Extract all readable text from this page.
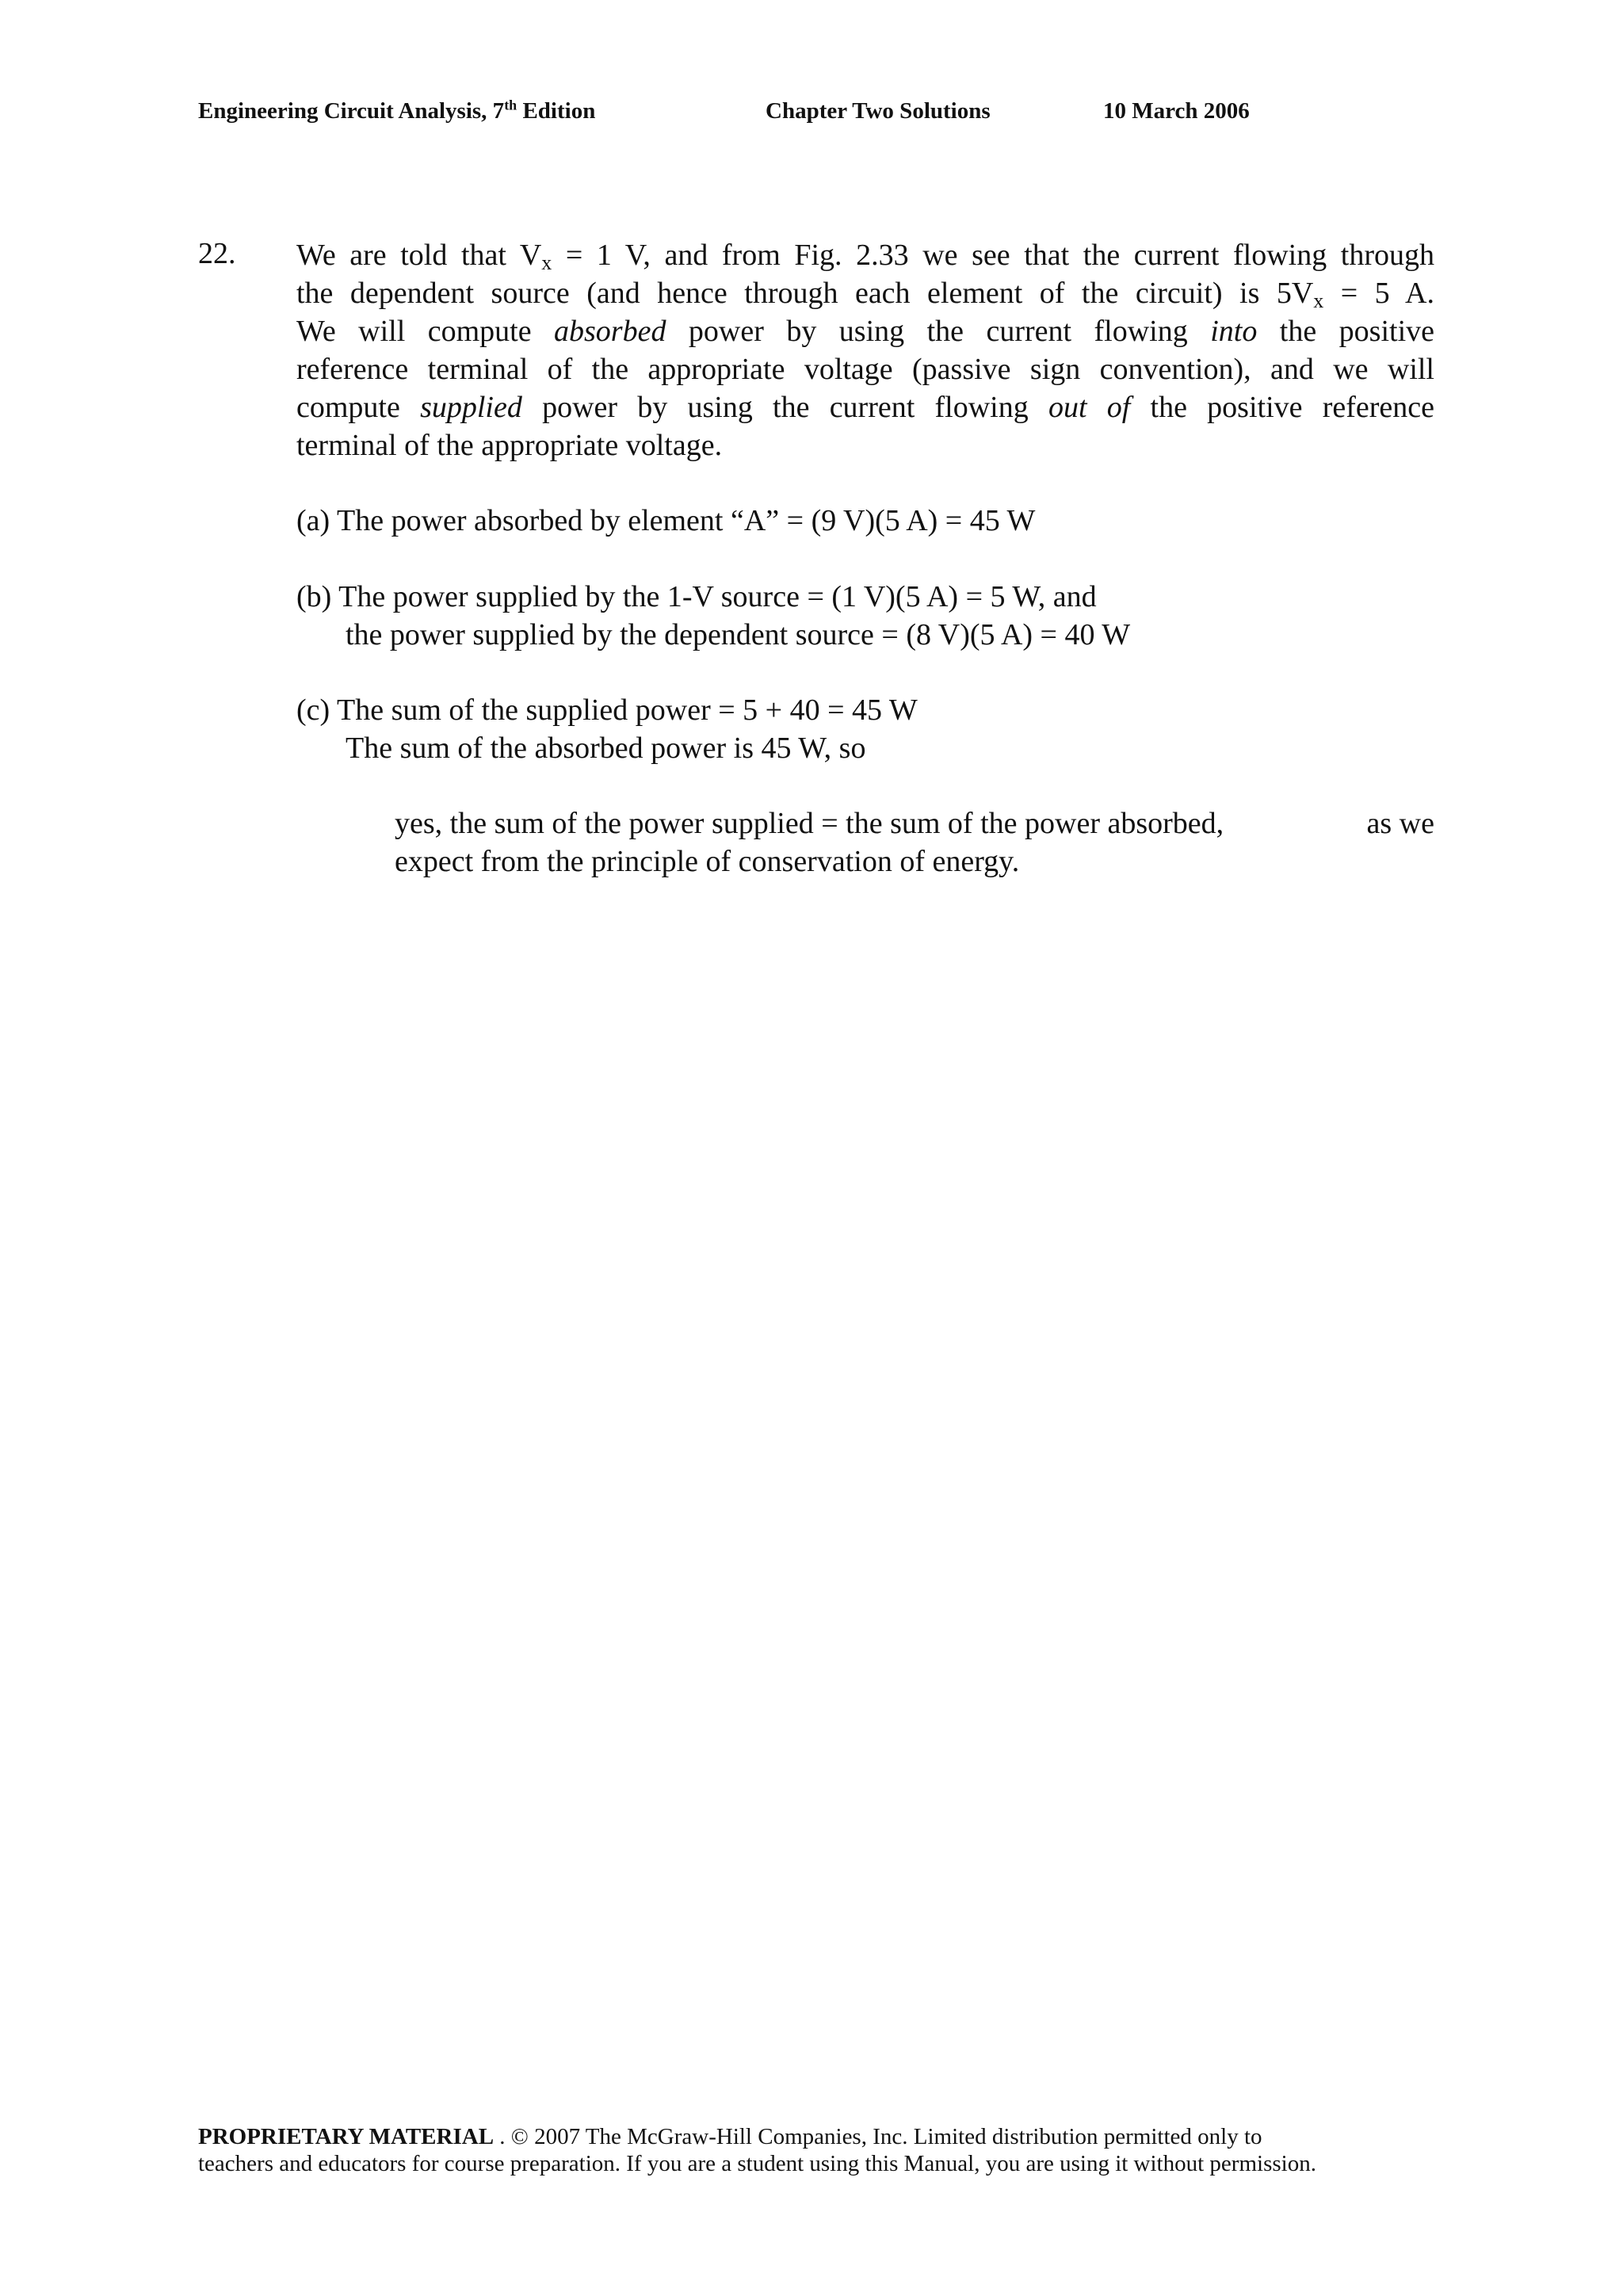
Engineering Circuit Analysis, 7th Edition	Chapter Two Solutions	10 March 2006
22. We are told that $V_x = 1$ V, and from Fig. 2.33 we see that the current flowing through
the dependent source (and hence through each element of the circuit) is $5V_x = 5$ A.
We will compute absorbed power by using the current flowing into the positive
reference terminal of the appropriate voltage (passive sign convention), and we will
compute supplied power by using the current flowing out of the positive reference
terminal of the appropriate voltage.
(a) The power absorbed by element “A” = (9 V)(5 A) = 45 W
(b) The power supplied by the 1-V source = (1 V)(5 A) = 5 W, and
the power supplied by the dependent source = (8 V)(5 A) = 40 W
(c) The sum of the supplied power = 5 + 40 = 45 W
The sum of the absorbed power is 45 W, so
yes, the sum of the power supplied = the sum of the power absorbed,	as we
expect from the principle of conservation of energy.
PROPRIETARY MATERIAL . © 2007 The McGraw-Hill Companies, Inc. Limited distribution permitted only to
teachers and educators for course preparation. If you are a student using this Manual, you are using it without permission.
